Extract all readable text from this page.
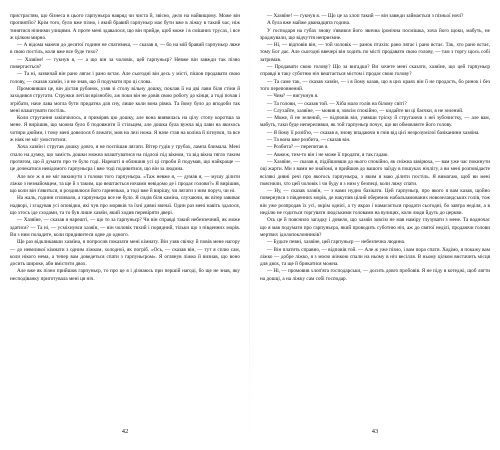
пристрастям, що бізнеса в цього гарпуньєра навряд чи чиста й, звісно, дело на найвищому. Може він пропиятйо? Крім того, було вже пізно, і який бравий гарпуньєр має бути вже в ліжку в такий час, ніж тинятися нічними улицями. А проте мені здавалося, що він прийде, щоб може і в смішних трусах, і все ж цілком мирно.

— А відома маючи до десятої години не спатимеш, — сказав я, — бо на мій бравий гарпуньєр ляже в свою постіль, коли вже все буде тихо?

— Хазяїне! — гукнув я, — а що він за чоловік, цей гарпуньєр? Невже він завжди так пізно повертається?

— Та ні, зазвичай він рано лягає і рано встає. Але сьогодні він десь у місті, пішов продавати свою голову, — сказав хазяїн, і я не знав, що й подумати про ці слова.

Промовивши це, він дістав рубанок, узяв зі столу вільну дошку, поклав її на дві лави біля стіни й заходився стругати. Стружки летіли врізнобіч, аж поки він не довів свою роботу до кінця, а тоді почав і згрібати, наче лава могла бути придатна для сну, лише коли вона рівна. Та йому було до вподоби так мені влаштувати постіль.

Коли стругання закінчилось, я приміряв цю дошку, але вона виявилась на цілу стопу коротша за мене. Я вирішив, що можна було б подовжити її стільцем, але дошка була вужча від лави на якихось чотири дюйми, і тому мені довелося б лежати, мов на лезі ножа. Я наче став на коліна й зігнувся, та все ж ніяк не міг умоститися.

Хоча хазяїн і стругав дошку довго, я не поспішав лягати. Вітер гудів у трубах, лампа блимала. Мені спало на думку, що замість дошки можна влаштуватися на підлозі під вікном, та від вікна тягло таким протягом, що й думати про те було годі. Нарешті я облишив усі ці спроби й подумав, що найкраще — це дочекатися невідомого гарпуньєра і вже тоді подивитися, що він за людина.

Але все ж я не міг викинути з голови того гарпуньєра. «Таж невже я, — думав я, — мушу ділити ліжко з незнайомцем, та ще й з таким, що вештається ночами невідомо де і продає голови?» Я вирішив, що коли він з'явиться, я роздивлюся його гарненько, а тоді вже й вирішу, чи лягати з ним поруч, чи ні.

На жаль, години спливали, а гарпуньєра все не було. Я сидів біля каміна, слухаючи, як вітер завиває надворі, і згадував усі оповідки, які чув про моряків та їхні дивні звичаї. Один раз мені навіть здалося, що хтось іде сходами, та то був лише хазяїн, який ходив перевіряти двері.

— Хазяїне, — сказав я нарешті, — що то за гарпуньєр? Чи він справді такий небезпечний, як може здатися? — Та ні, — усміхнувся хазяїн, — він чоловік тихий і порядний, тільки що з південних морів. Ви з ним поладите, коли придивитеся одне до одного.

Ще раз відкликавши хазяїна, я попросив показати мені кімнату. Він узяв свічку й повів мене нагору — до невеликої кімнати з одним ліжком, холодної, як погріб. «Ось, — сказав він, — тут я сплю сам, коли нікого нема, а тепер вам доведеться спати з гарпуньєром». Я оглянув ліжко й визнав, що воно досить широке, аби вмістити двох.

Але вже як пізно прийшов гарпуньєр, то про це я і дізнаюсь при першій нагоді, бо ще не знав, яку несподіванку приготувала мені ця ніч.

42

— Хазяїне! — гукнув я. — Що це за хлоп такий — він завжди займається з пізньої ночі?

А була вже майже дванадцята година.

У господаря на губах знову з'явився його звична іронічна посмішка, хоча його щоки, мабуть, не зраджували, що відчуття неприємне.

— Ні, — відповів він, — той чоловік — ранок птахів: рано лягає і рано встає. Так, хто рано встає, тому Бог дає. Але сьогодні ввечері він ходить по місті продавати свою голову, — там з торгу щось собі затримав.

— Продавати свою голову? Що за вигадки? Ви хочете мені сказати, хазяїне, що цей гарпуньєр справді в таку суботню ніч вештається містом і продає свою голову?

— Та саме так, — сказав хазяїн, — і я йому казав, що в цих краях він її не продасть, бо ринок і без того переповнений.

— Чим? — вигукнув я.

— Та голови, — сказав той. — Хіба мало голів на білому світі?

— Слухайте, хазяїне, — мовив я, зовсім спокійно, — кидайте ви ці баєчки, я не зелений.

— Може, й не зелений, — відповів він, узявши тріску й стругаючи з неї зубочистку, — але вам, мабуть, таки буде непереливки, як той гарпуньєр почує, що ви обмовляєте його голову.

— Я йому її розіб'ю, — сказав я, знову впадаючи в гнів від цієї незрозумілої базіканини хазяїна.

— Та вона вже розбита, — сказав він.

— Розбита? — перепитав я.

— Авжеж, тим-то він і не може її продати, я так гадаю.

— Хазяїне, — сказав я, підійшовши до нього спокійно, як сніжна завірюха, — вам уже час покинути оці жарти. Ми з вами не знайомі, я прийшов до вашого заїзду в пошуках нічлігу, а ви мені розповідаєте всілякі дивні речі про якогось гарпуньєра, з яким я маю ділити постіль. Я вимагаю, щоб ви мені пояснили, хто цей чоловік і чи буду я з ним у безпеці, коли ляжу спати.

— Ну, — сказав хазяїн, — з вами нудно базікати. Цей гарпуньєр, про якого я вам казав, щойно повернувся з південних морів, де накупив цілий оберемок набальзамованих новозеландських голів, тож він уже розпродав їх усі, окрім однієї, а ту якраз і намагається продати сьогодні, бо завтра неділя, а в неділю не годиться торгувати людськими головами на вулицях, коли люди йдуть до церкви.

Ось це й пояснило загадку і довело, що хазяїн зовсім не мав наміру глузувати з мене. Та водночас що я мав подумати про гарпуньєра, який проводить суботню ніч, аж до святої неділі, продаючи голови мертвих ідолопоклонників?

— Будьте певні, хазяїне, цей гарпуньєр — небезпечна людина.

— Він платить справно, — відповів той. — Але ж уже пізно, і вам пора спати. Ходімо, я покажу вам ліжко — добре ліжко, я з моєю жінкою спали на ньому в ніч весілля. В ньому цілком вистачить місця для двох, та ще й брикатися можна.

— Ні, — промовив хлоп'яга господарськи, — досить довго пробовів. Я не піду в котеджі, щоб лягти на дошці, а на ліжку сам собі господар.

43
